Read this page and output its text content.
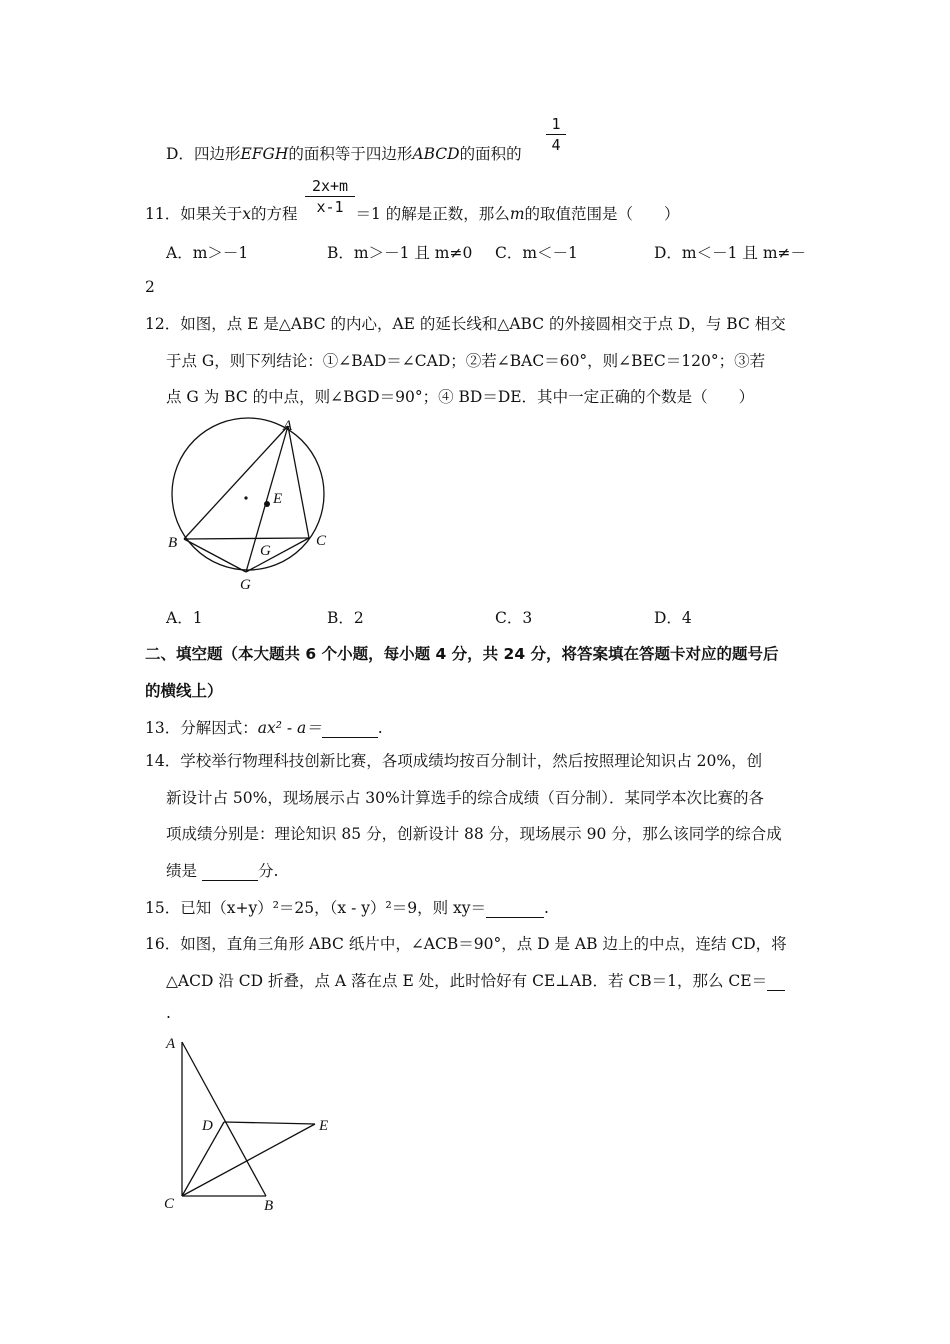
D．四边形EFGH的面积等于四边形ABCD的面积的 $\frac{1}{4}$
11．如果关于x的方程	＝1 的解是正数，那么m的取值范围是（　　）
$\frac{2x+m}{x-1}$
A．m＞－1	B．m＞－1 且 m≠0 C．m＜－1	D．m＜－1 且 m≠－
2
12．如图，点 E 是△ABC 的内心，AE 的延长线和△ABC 的外接圆相交于点 D，与 BC 相交
于点 G，则下列结论：①∠BAD＝∠CAD；②若∠BAC＝60°，则∠BEC＝120°；③若
点 G 为 BC 的中点，则∠BGD＝90°；④ BD＝DE．其中一定正确的个数是（　　）
A
B	C
E
G
G
A．1	B．2	C．3	D．4
二、填空题（本大题共 6 个小题，每小题 4 分，共 24 分，将答案填在答题卡对应的题号后
的横线上）
13．分解因式：ax² - a＝	.
14．学校举行物理科技创新比赛，各项成绩均按百分制计，然后按照理论知识占 20%，创
新设计占 50%，现场展示占 30%计算选手的综合成绩（百分制）．某同学本次比赛的各
项成绩分别是：理论知识 85 分，创新设计 88 分，现场展示 90 分，那么该同学的综合成
绩是	分.
15．已知（x+y）²＝25，（x - y）²＝9，则 xy＝	.
16．如图，直角三角形 ABC 纸片中，∠ACB＝90°，点 D 是 AB 边上的中点，连结 CD，将
△ACD 沿 CD 折叠，点 A 落在点 E 处，此时恰好有 CE⊥AB．若 CB＝1，那么 CE＝
.
A
D	E
C	B
